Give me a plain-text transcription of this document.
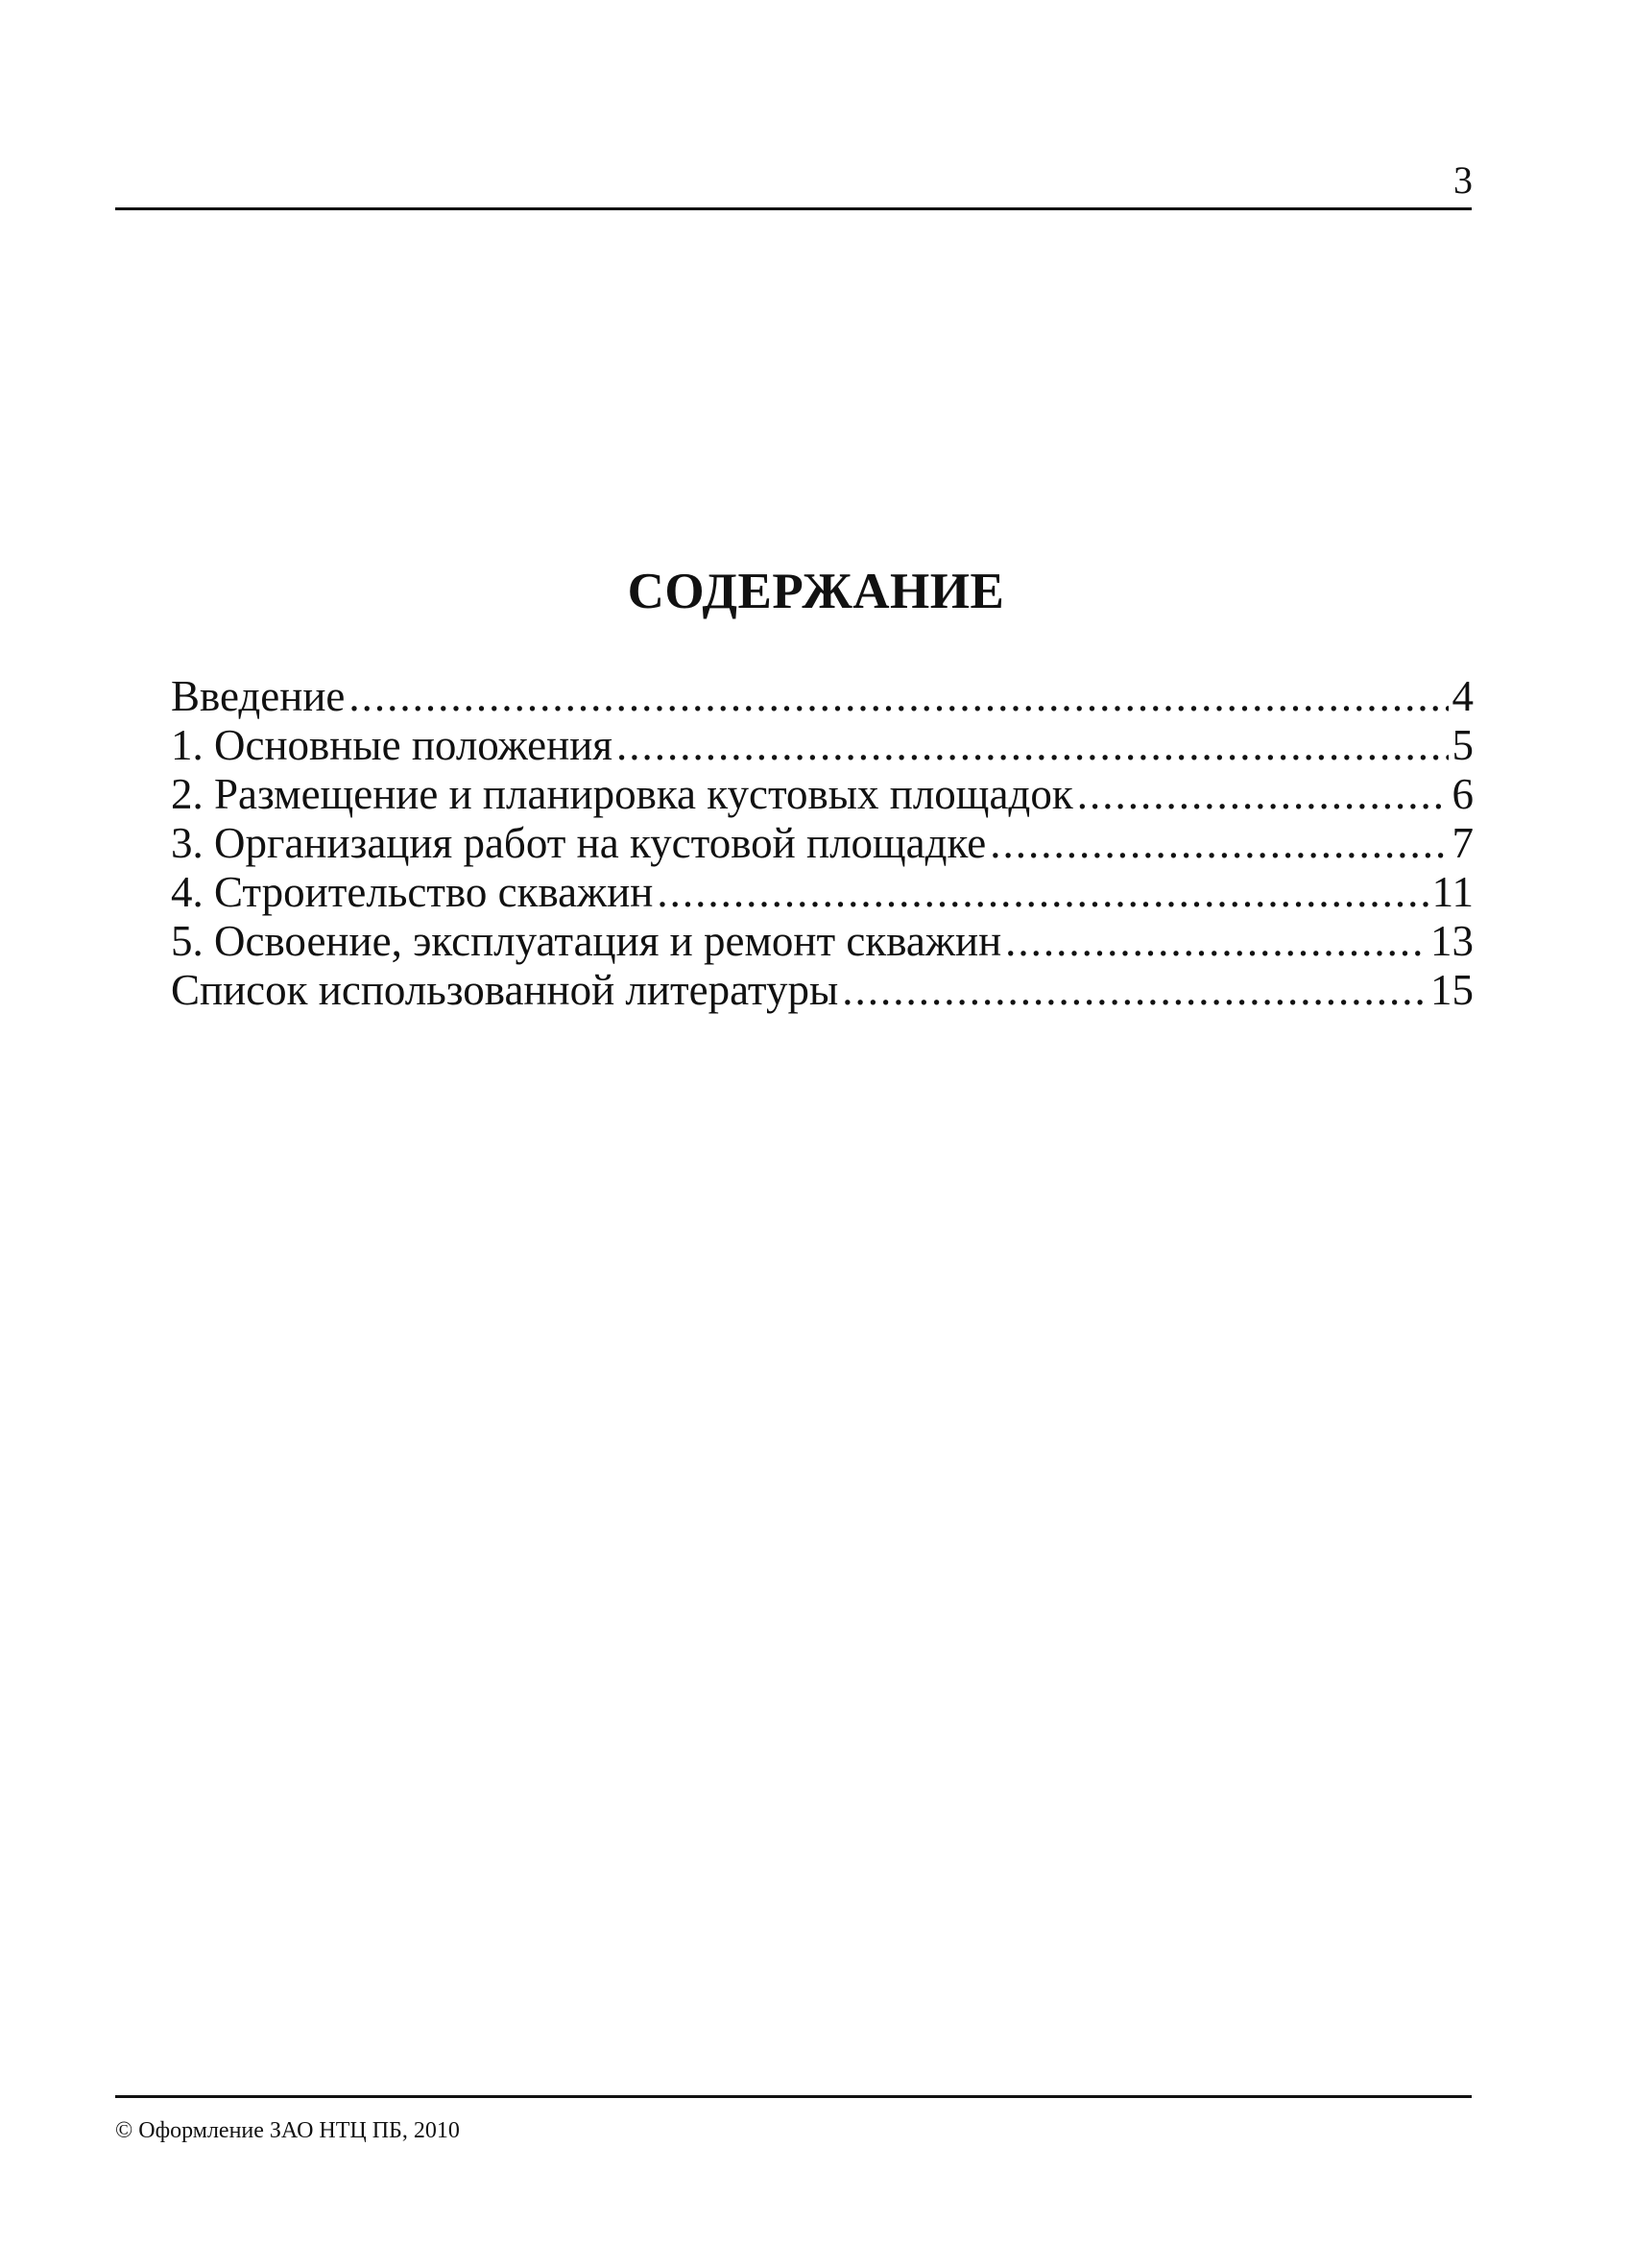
3
СОДЕРЖАНИЕ
Введение .....	4
1. Основные положения .....	5
2. Размещение и планировка кустовых площадок .....	6
3. Организация работ на кустовой площадке .....	7
4. Строительство скважин .....	11
5. Освоение, эксплуатация и ремонт скважин .....	13
Список использованной литературы .....	15
© Оформление ЗАО НТЦ ПБ, 2010
